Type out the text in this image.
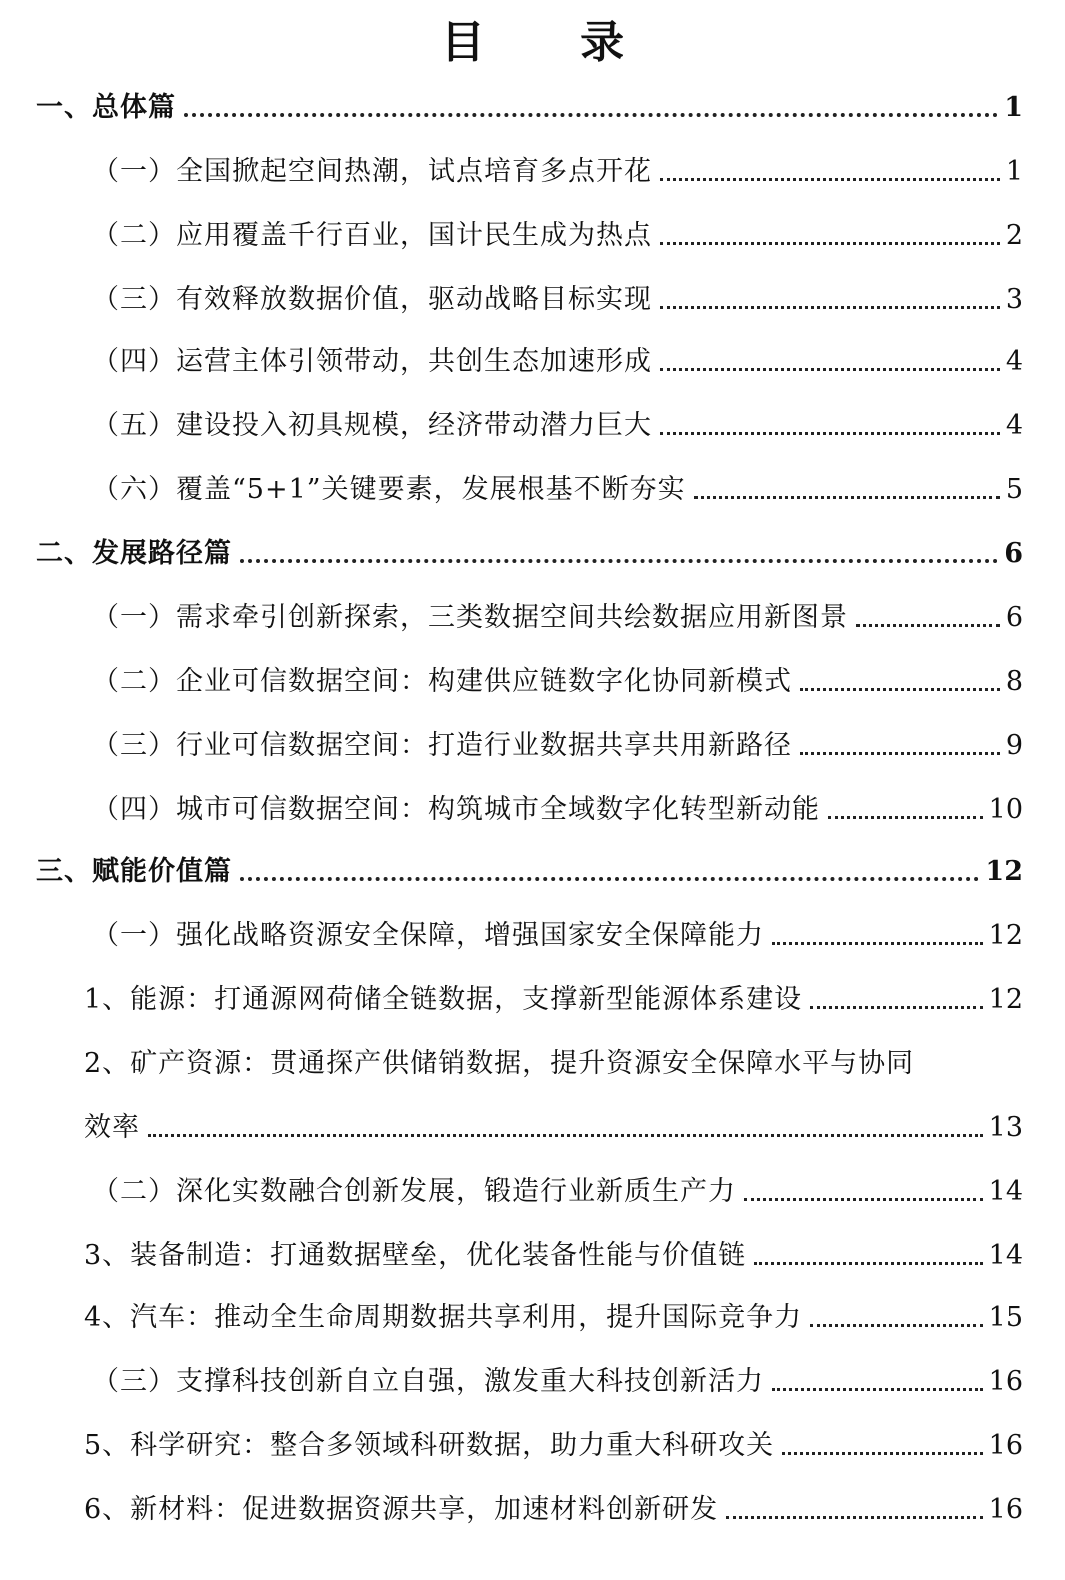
目 录
一、总体篇	1
（一）全国掀起空间热潮，试点培育多点开花	1
（二）应用覆盖千行百业，国计民生成为热点	2
（三）有效释放数据价值，驱动战略目标实现	3
（四）运营主体引领带动，共创生态加速形成	4
（五）建设投入初具规模，经济带动潜力巨大	4
（六）覆盖“5+1”关键要素，发展根基不断夯实	5
二、发展路径篇	6
（一）需求牵引创新探索，三类数据空间共绘数据应用新图景	6
（二）企业可信数据空间：构建供应链数字化协同新模式	8
（三）行业可信数据空间：打造行业数据共享共用新路径	9
（四）城市可信数据空间：构筑城市全域数字化转型新动能	10
三、赋能价值篇	12
（一）强化战略资源安全保障，增强国家安全保障能力	12
1、能源：打通源网荷储全链数据，支撑新型能源体系建设	12
2、矿产资源：贯通探产供储销数据，提升资源安全保障水平与协同
效率	13
（二）深化实数融合创新发展，锻造行业新质生产力	14
3、装备制造：打通数据壁垒，优化装备性能与价值链	14
4、汽车：推动全生命周期数据共享利用，提升国际竞争力	15
（三）支撑科技创新自立自强，激发重大科技创新活力	16
5、科学研究：整合多领域科研数据，助力重大科研攻关	16
6、新材料：促进数据资源共享，加速材料创新研发	16
